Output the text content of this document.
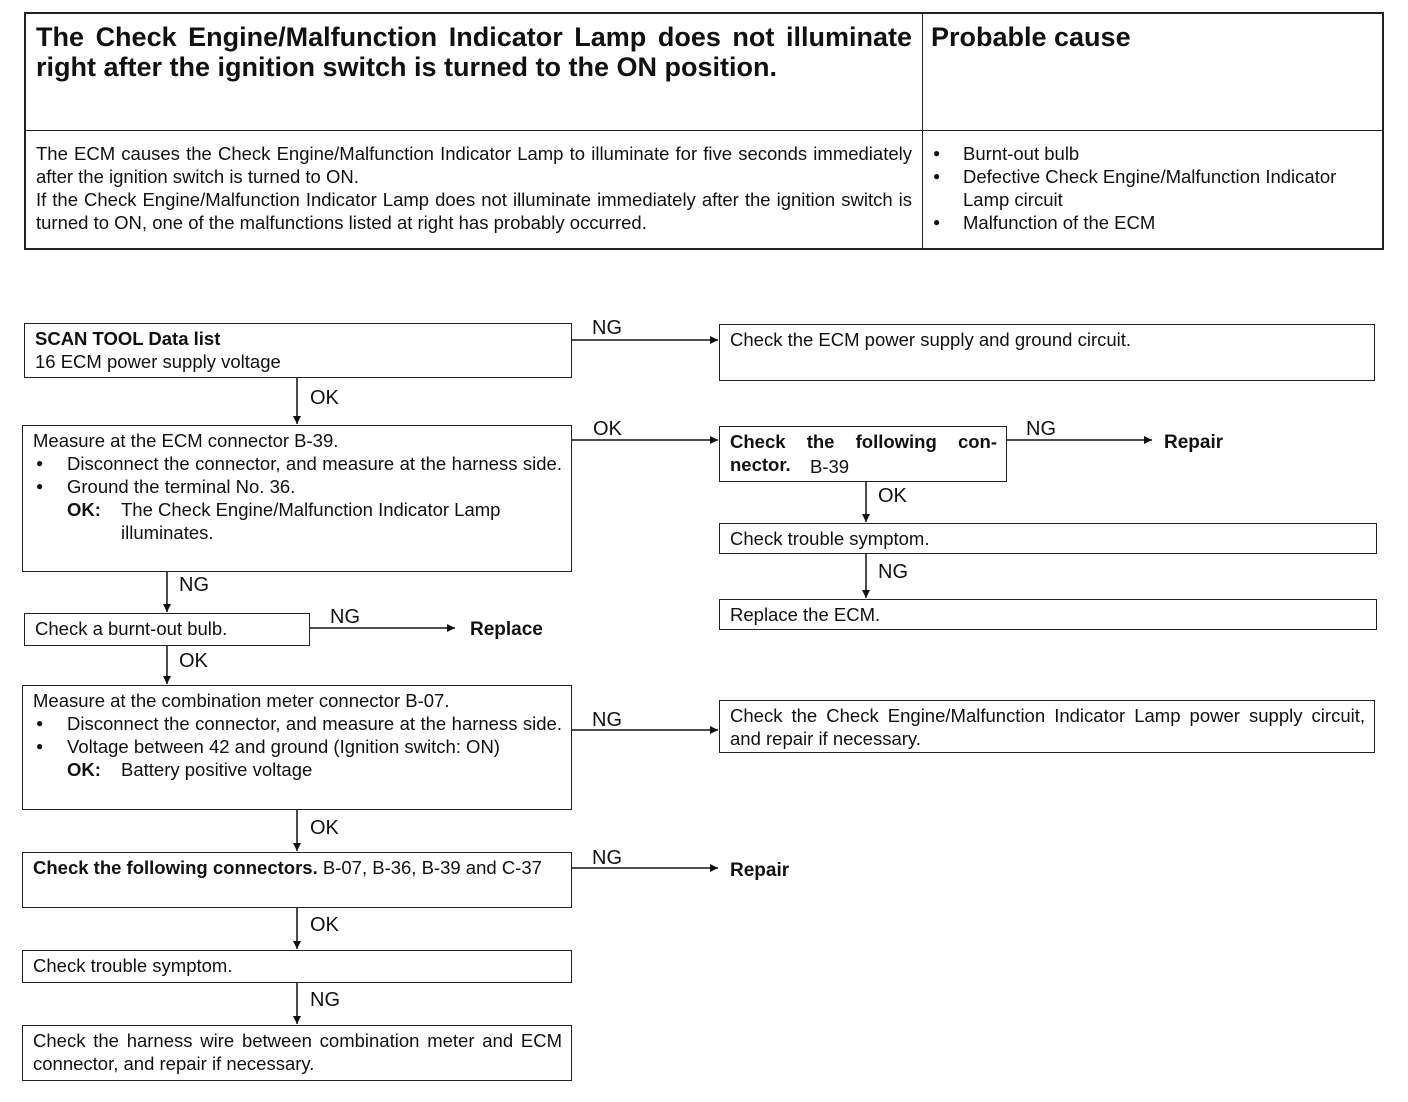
The Check Engine/Malfunction Indicator Lamp does not illuminate right after the ignition switch is turned to the ON position.
Probable cause
The ECM causes the Check Engine/Malfunction Indicator Lamp to illuminate for five seconds immediately after the ignition switch is turned to ON.
If the Check Engine/Malfunction Indicator Lamp does not illuminate immediately after the ignition switch is turned to ON, one of the malfunctions listed at right has probably occurred.
● Burnt-out bulb
● Defective Check Engine/Malfunction Indicator Lamp circuit
● Malfunction of the ECM
SCAN TOOL Data list
16 ECM power supply voltage
Check the ECM power supply and ground circuit.
Measure at the ECM connector B-39.
● Disconnect the connector, and measure at the harness side.
● Ground the terminal No. 36.
OK: The Check Engine/Malfunction Indicator Lamp
illuminates.
Check the following con- nector.	B-39
Check trouble symptom.
Replace the ECM.
Check a burnt-out bulb.
Measure at the combination meter connector B-07.
● Disconnect the connector, and measure at the harness side.
● Voltage between 42 and ground (Ignition switch: ON)
OK: Battery positive voltage
Check the Check Engine/Malfunction Indicator Lamp power supply circuit, and repair if necessary.
Check the following connectors. B-07, B-36, B-39 and C-37
Check trouble symptom.
Check the harness wire between combination meter and ECM connector, and repair if necessary.
NG
OK
OK	NG
Repair
OK
NG
NG
NG
Replace
OK
NG
OK
NG
Repair
OK
NG
